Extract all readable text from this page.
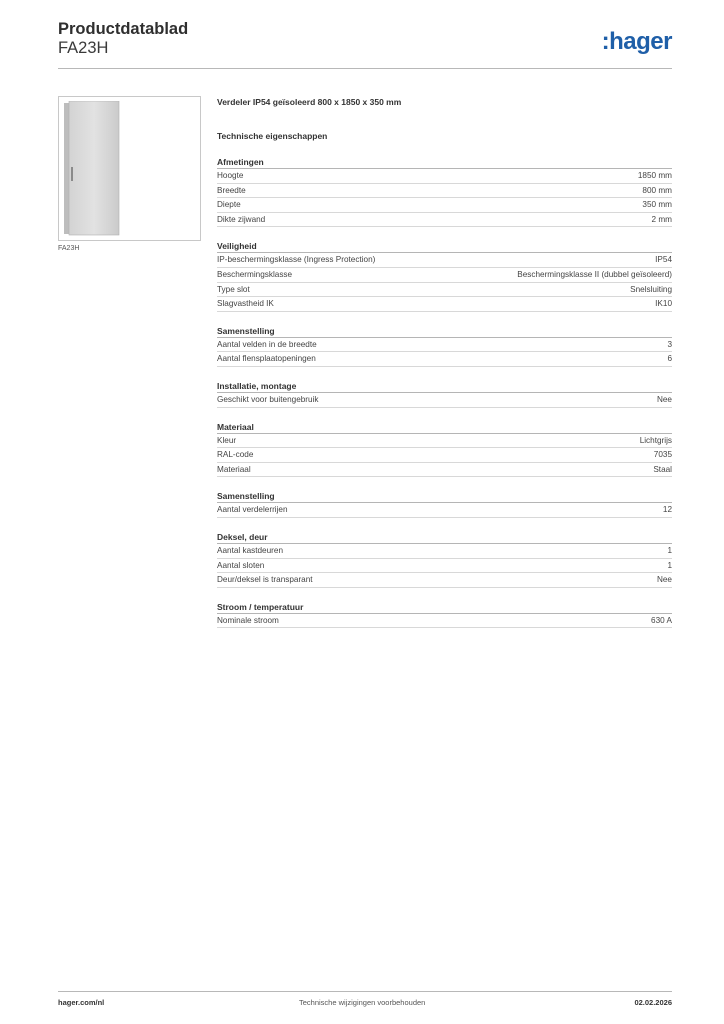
Productdatablad
FA23H	:hager
FA23H
Verdeler IP54 geïsoleerd 800 x 1850 x 350 mm
Technische eigenschappen
Afmetingen
Hoogte	1850 mm
Breedte	800 mm
Diepte	350 mm
Dikte zijwand	2 mm
Veiligheid
IP-beschermingsklasse (Ingress Protection)	IP54
Beschermingsklasse	Beschermingsklasse II (dubbel geïsoleerd)
Type slot	Snelsluiting
Slagvastheid IK	IK10
Samenstelling
Aantal velden in de breedte	3
Aantal flensplaatopeningen	6
Installatie, montage
Geschikt voor buitengebruik	Nee
Materiaal
Kleur	Lichtgrijs
RAL-code	7035
Materiaal	Staal
Samenstelling
Aantal verdelerrijen	12
Deksel, deur
Aantal kastdeuren	1
Aantal sloten	1
Deur/deksel is transparant	Nee
Stroom / temperatuur
Nominale stroom	630 A
hager.com/nl	Technische wijzigingen voorbehouden	02.02.2026
